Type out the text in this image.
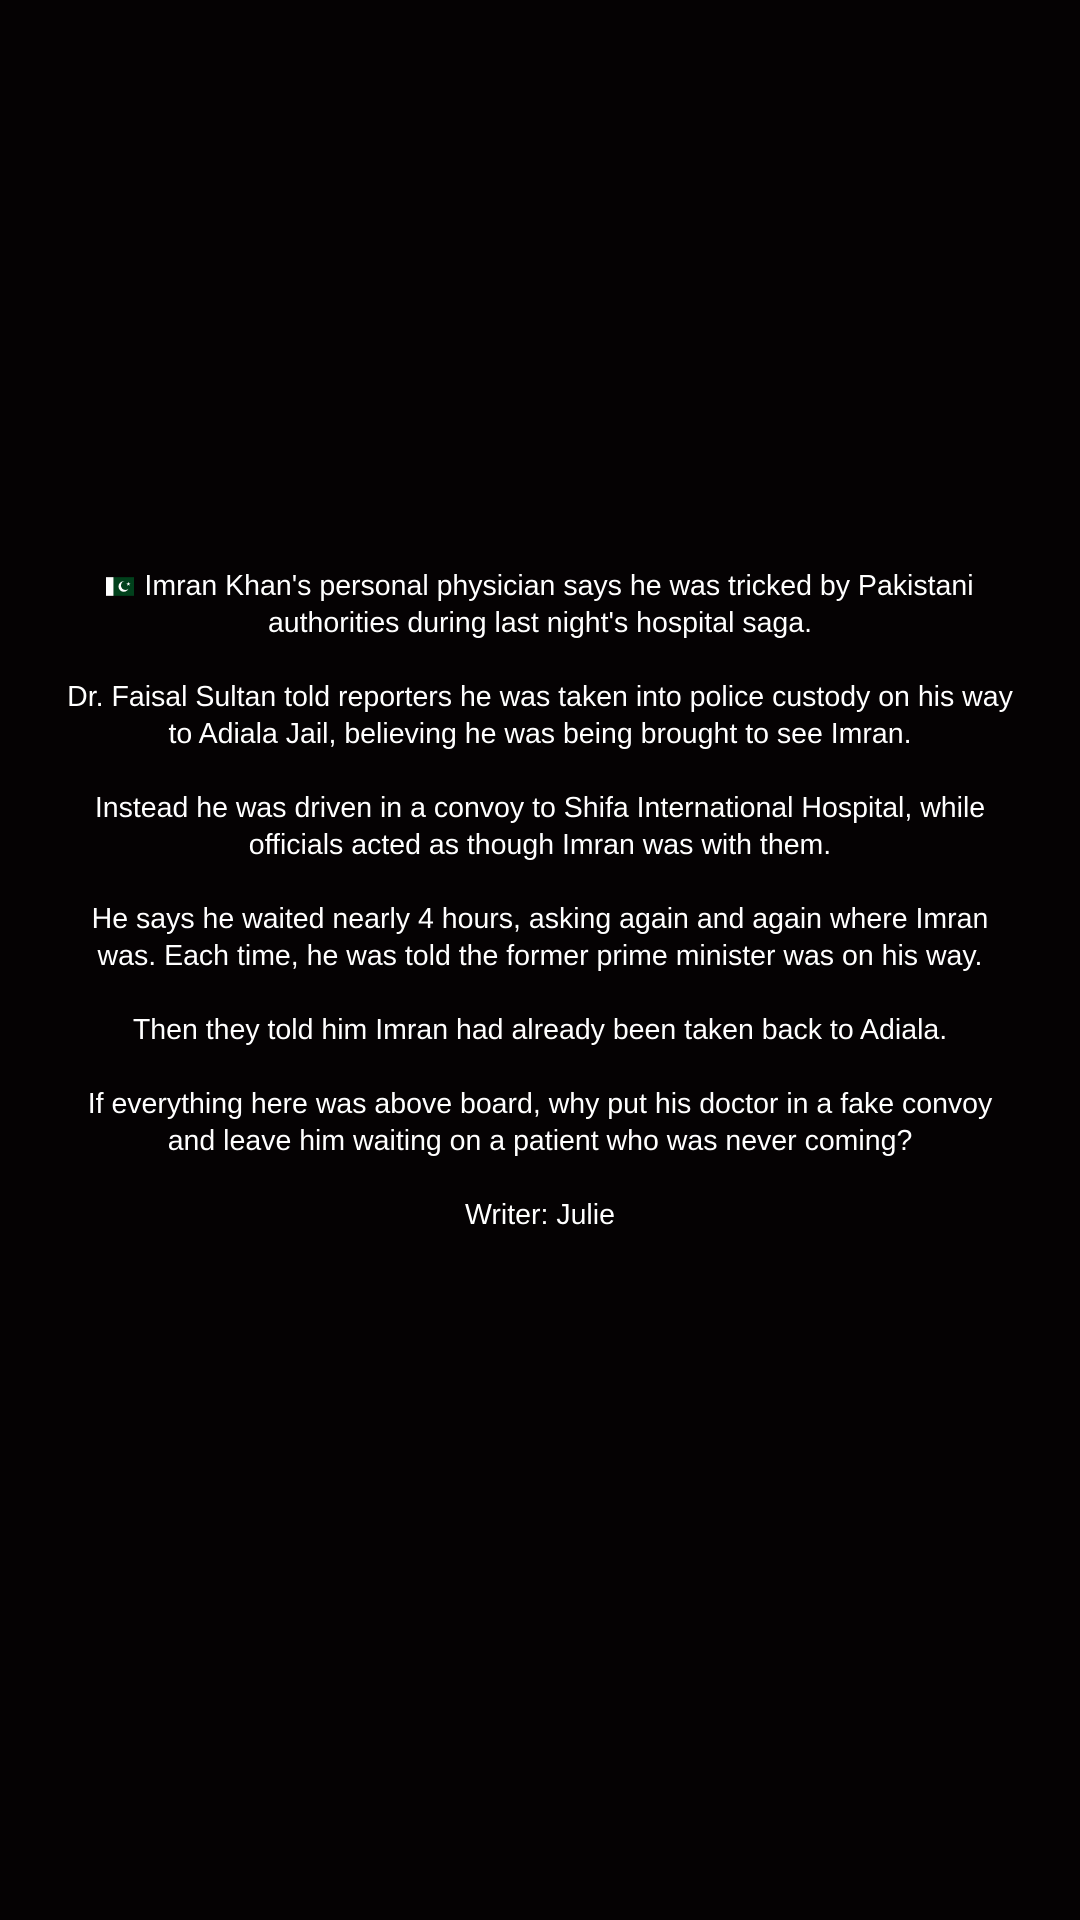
Imran Khan's personal physician says he was tricked by Pakistani authorities during last night's hospital saga.

Dr. Faisal Sultan told reporters he was taken into police custody on his way to Adiala Jail, believing he was being brought to see Imran.

Instead he was driven in a convoy to Shifa International Hospital, while officials acted as though Imran was with them.

He says he waited nearly 4 hours, asking again and again where Imran was. Each time, he was told the former prime minister was on his way.

Then they told him Imran had already been taken back to Adiala.

If everything here was above board, why put his doctor in a fake convoy and leave him waiting on a patient who was never coming?

Writer: Julie
